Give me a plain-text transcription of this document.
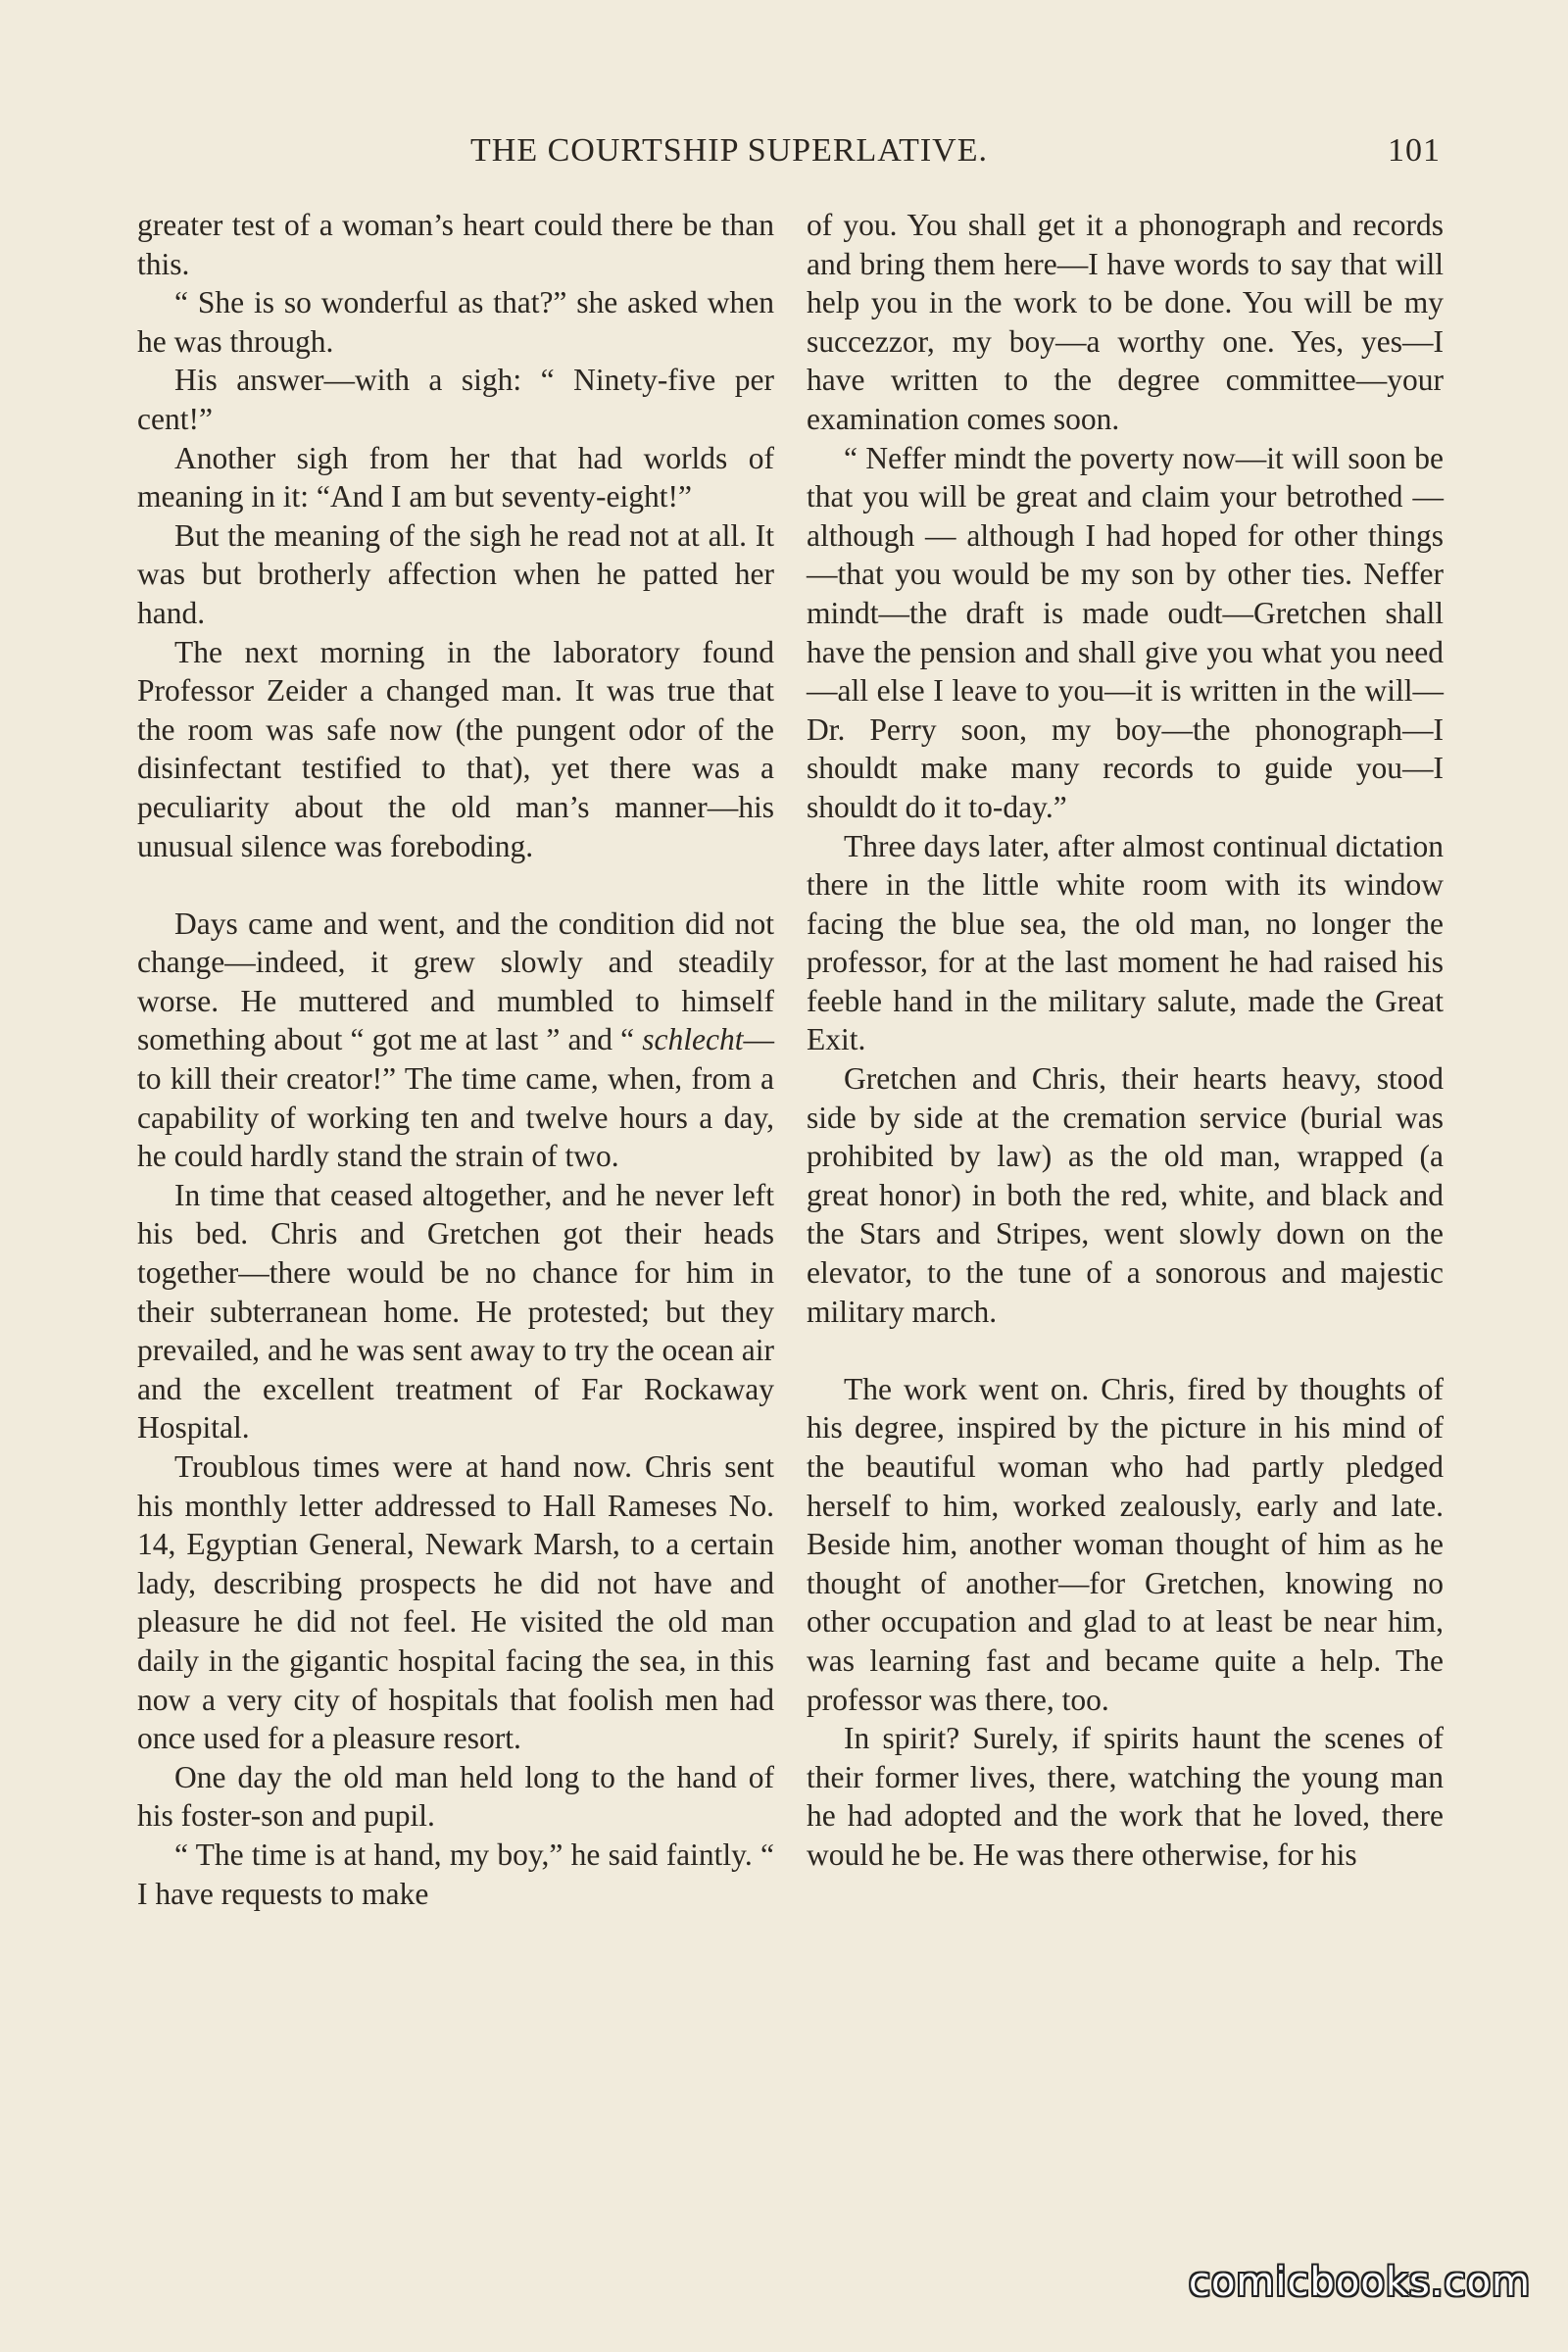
THE COURTSHIP SUPERLATIVE.	101

greater test of a woman’s heart could there be than this.

“ She is so wonderful as that?” she asked when he was through.

His answer—with a sigh: “ Ninety-five per cent!”

Another sigh from her that had worlds of meaning in it: “And I am but seventy-eight!”

But the meaning of the sigh he read not at all. It was but brotherly affection when he patted her hand.

The next morning in the laboratory found Professor Zeider a changed man. It was true that the room was safe now (the pungent odor of the disinfectant testified to that), yet there was a peculiarity about the old man’s manner—his unusual silence was foreboding.

Days came and went, and the condition did not change—indeed, it grew slowly and steadily worse. He muttered and mumbled to himself something about “ got me at last ” and “ schlecht—to kill their creator!” The time came, when, from a capability of working ten and twelve hours a day, he could hardly stand the strain of two.

In time that ceased altogether, and he never left his bed. Chris and Gretchen got their heads together—there would be no chance for him in their subterranean home. He protested; but they prevailed, and he was sent away to try the ocean air and the excellent treatment of Far Rockaway Hospital.

Troublous times were at hand now. Chris sent his monthly letter addressed to Hall Rameses No. 14, Egyptian General, Newark Marsh, to a certain lady, describing prospects he did not have and pleasure he did not feel. He visited the old man daily in the gigantic hospital facing the sea, in this now a very city of hospitals that foolish men had once used for a pleasure resort.

One day the old man held long to the hand of his foster-son and pupil.

“ The time is at hand, my boy,” he said faintly. “ I have requests to make

of you. You shall get it a phonograph and records and bring them here—I have words to say that will help you in the work to be done. You will be my succezzor, my boy—a worthy one. Yes, yes—I have written to the degree committee—your examination comes soon.

“ Neffer mindt the poverty now—it will soon be that you will be great and claim your betrothed — although — although I had hoped for other things—that you would be my son by other ties. Neffer mindt—the draft is made oudt—Gretchen shall have the pension and shall give you what you need—all else I leave to you—it is written in the will—Dr. Perry soon, my boy—the phonograph—I shouldt make many records to guide you—I shouldt do it to-day.”

Three days later, after almost continual dictation there in the little white room with its window facing the blue sea, the old man, no longer the professor, for at the last moment he had raised his feeble hand in the military salute, made the Great Exit.

Gretchen and Chris, their hearts heavy, stood side by side at the cremation service (burial was prohibited by law) as the old man, wrapped (a great honor) in both the red, white, and black and the Stars and Stripes, went slowly down on the elevator, to the tune of a sonorous and majestic military march.

The work went on. Chris, fired by thoughts of his degree, inspired by the picture in his mind of the beautiful woman who had partly pledged herself to him, worked zealously, early and late. Beside him, another woman thought of him as he thought of another—for Gretchen, knowing no other occupation and glad to at least be near him, was learning fast and became quite a help. The professor was there, too.

In spirit? Surely, if spirits haunt the scenes of their former lives, there, watching the young man he had adopted and the work that he loved, there would he be. He was there otherwise, for his

comicbooks.com
